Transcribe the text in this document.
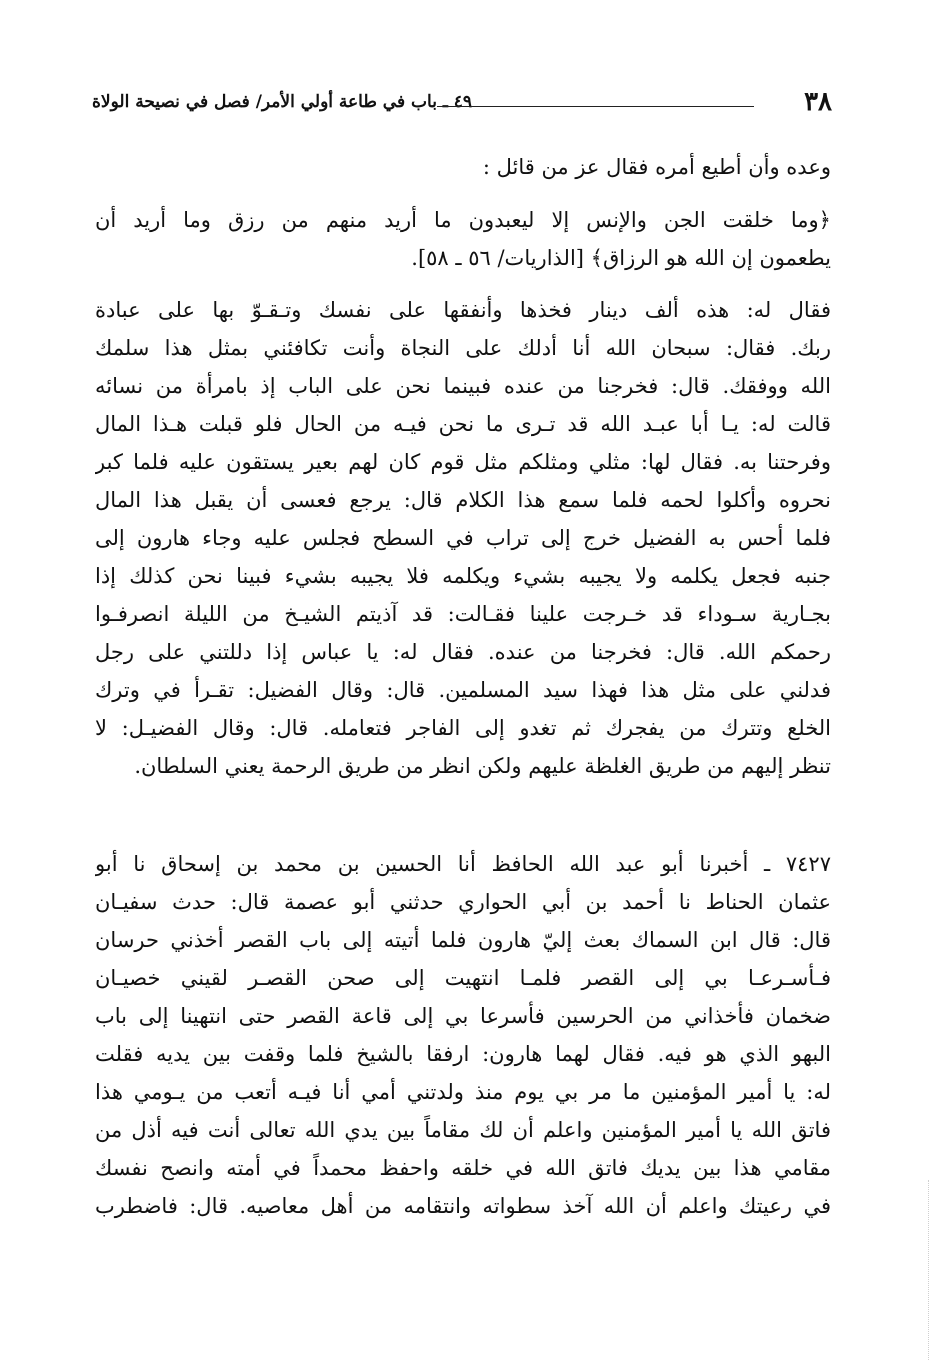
٣٨
٤٩ ـ باب في طاعة أولي الأمر/ فصل في نصيحة الولاة
وعده وأن أطيع أمره فقال عز من قائل :
﴿وما خلقت الجن والإنس إلا ليعبدون ما أريد منهم من رزق وما أريد أن
يطعمون إن الله هو الرزاق﴾ [الذاريات/ ٥٦ ـ ٥٨].
فقال له: هذه ألف دينار فخذها وأنفقها على نفسك وتـقـوّ بها على عبادة
ربك. فقال: سبحان الله أنا أدلك على النجاة وأنت تكافئني بمثل هذا سلمك
الله ووفقك. قال: فخرجنا من عنده فبينما نحن على الباب إذ بامرأة من نسائه
قالت له: يـا أبا عبـد الله قد تـرى ما نحن فيـه من الحال فلو قبلت هـذا المال
وفرحتنا به. فقال لها: مثلي ومثلكم مثل قوم كان لهم بعير يستقون عليه فلما كبر
نحروه وأكلوا لحمه فلما سمع هذا الكلام قال: يرجع فعسى أن يقبل هذا المال
فلما أحس به الفضيل خرج إلى تراب في السطح فجلس عليه وجاء هارون إلى
جنبه فجعل يكلمه ولا يجيبه بشيء ويكلمه فلا يجيبه بشيء فبينا نحن كذلك إذا
بجـارية سـوداء قد خـرجت علينا فقـالت: قد آذيتم الشيـخ من الليلة انصرفـوا
رحمكم الله. قال: فخرجنا من عنده. فقال له: يا عباس إذا دللتني على رجل
فدلني على مثل هذا فهذا سيد المسلمين. قال: وقال الفضيل: تقـرأ في وترك
الخلع وتترك من يفجرك ثم تغدو إلى الفاجر فتعامله. قال: وقال الفضيـل: لا
تنظر إليهم من طريق الغلظة عليهم ولكن انظر من طريق الرحمة يعني السلطان.
٧٤٢٧ ـ أخبرنا أبو عبد الله الحافظ أنا الحسين بن محمد بن إسحاق نا أبو
عثمان الحناط نا أحمد بن أبي الحواري حدثني أبو عصمة قال: حدث سفيـان
قال: قال ابن السماك بعث إليّ هارون فلما أتيته إلى باب القصر أخذني حرسان
فـأسـرعـا بي إلى القصر فلمـا انتهيت إلى صحن القصـر لقيني خصيـان
ضخمان فأخذاني من الحرسين فأسرعا بي إلى قاعة القصر حتى انتهينا إلى باب
البهو الذي هو فيه. فقال لهما هارون: ارفقا بالشيخ فلما وقفت بين يديه فقلت
له: يا أمير المؤمنين ما مر بي يوم منذ ولدتني أمي أنا فيـه أتعب من يـومي هذا
فاتق الله يا أمير المؤمنين واعلم أن لك مقاماً بين يدي الله تعالى أنت فيه أذل من
مقامي هذا بين يديك فاتق الله في خلقه واحفظ محمداً في أمته وانصح نفسك
في رعيتك واعلم أن الله آخذ سطواته وانتقامه من أهل معاصيه. قال: فاضطرب
